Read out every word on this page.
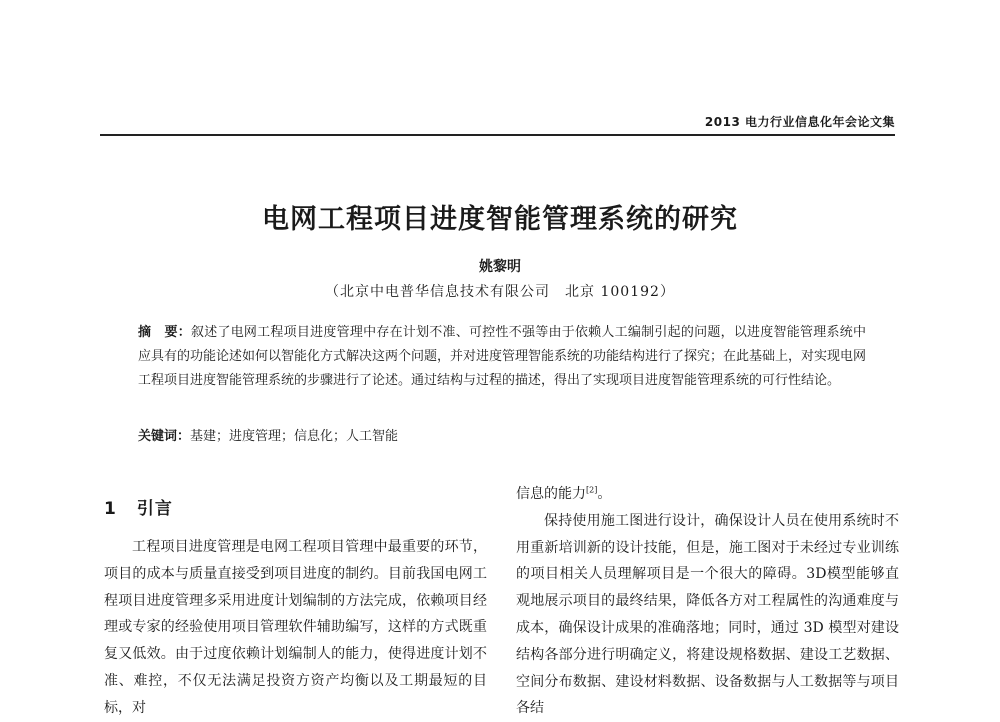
2013 电力行业信息化年会论文集
电网工程项目进度智能管理系统的研究
姚黎明
（北京中电普华信息技术有限公司　北京 100192）
摘　要：叙述了电网工程项目进度管理中存在计划不准、可控性不强等由于依赖人工编制引起的问题，以进度智能管理系统中应具有的功能论述如何以智能化方式解决这两个问题，并对进度管理智能系统的功能结构进行了探究；在此基础上，对实现电网工程项目进度智能管理系统的步骤进行了论述。通过结构与过程的描述，得出了实现项目进度智能管理系统的可行性结论。
关键词：基建；进度管理；信息化；人工智能
1 引言

工程项目进度管理是电网工程项目管理中最重要的环节，项目的成本与质量直接受到项目进度的制约。目前我国电网工程项目进度管理多采用进度计划编制的方法完成，依赖项目经理或专家的经验使用项目管理软件辅助编写，这样的方式既重复又低效。由于过度依赖计划编制人的能力，使得进度计划不准、难控，不仅无法满足投资方资产均衡以及工期最短的目标，对

信息的能力[2]。

保持使用施工图进行设计，确保设计人员在使用系统时不用重新培训新的设计技能，但是，施工图对于未经过专业训练的项目相关人员理解项目是一个很大的障碍。3D模型能够直观地展示项目的最终结果，降低各方对工程属性的沟通难度与成本，确保设计成果的准确落地；同时，通过 3D 模型对建设结构各部分进行明确定义，将建设规格数据、建设工艺数据、空间分布数据、建设材料数据、设备数据与人工数据等与项目各结
